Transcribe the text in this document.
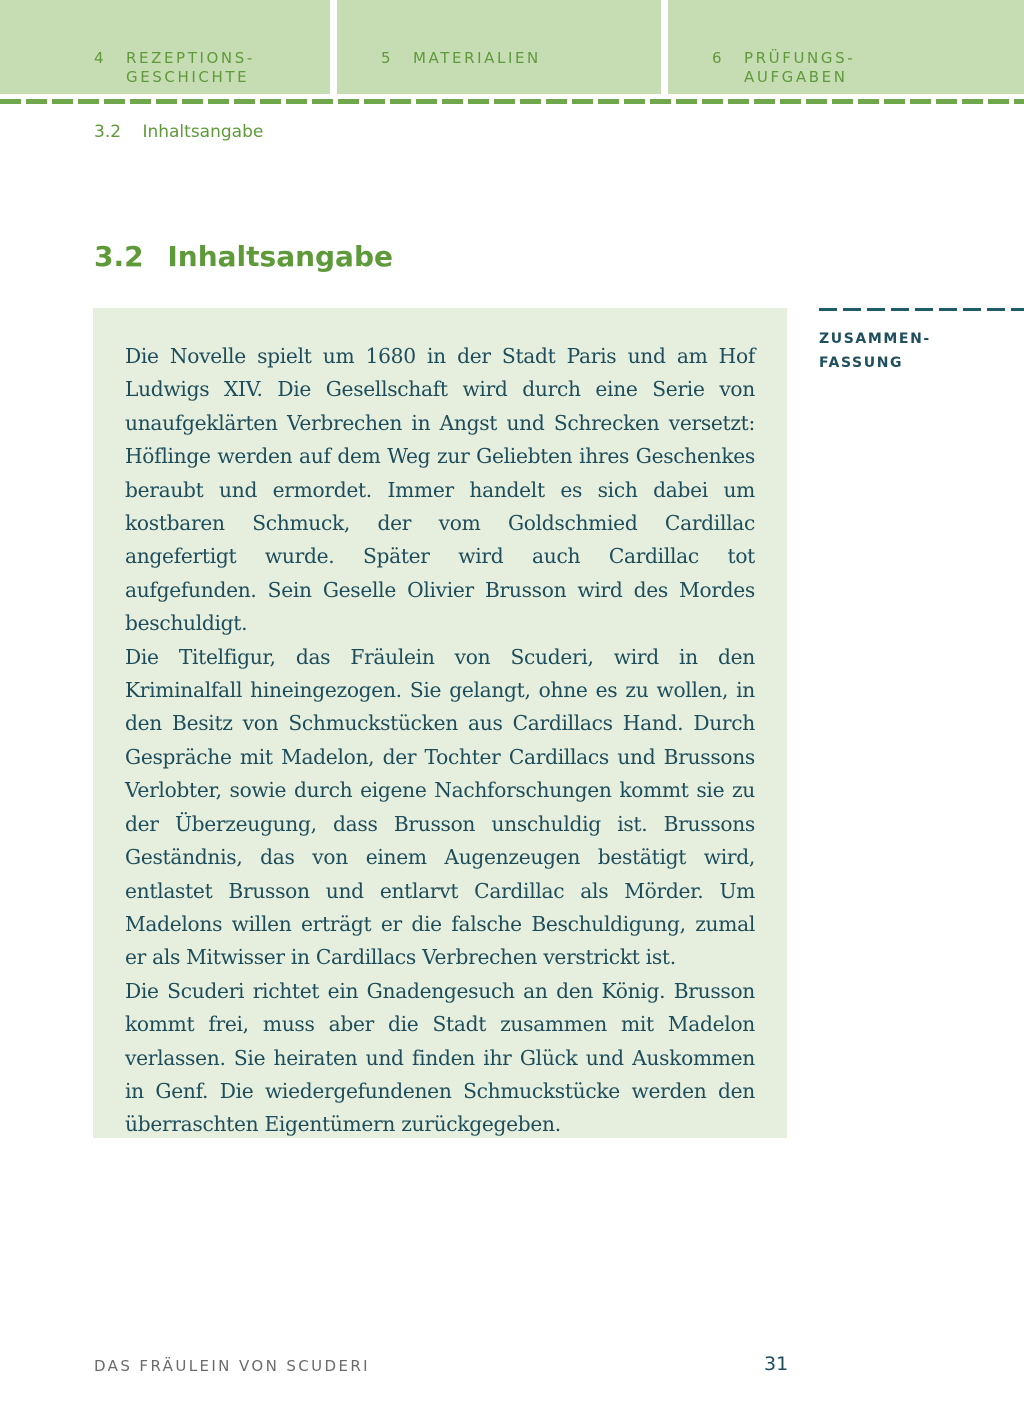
4 REZEPTIONS-
GESCHICHTE
5 MATERIALIEN	6 PRÜFUNGS-
AUFGABEN
3.2 Inhaltsangabe
3.2 Inhaltsangabe
ZUSAMMEN-
FASSUNG

Die Novelle spielt um 1680 in der Stadt Paris und am Hof Ludwigs XIV. Die Gesellschaft wird durch eine Serie von unaufgeklärten Verbrechen in Angst und Schrecken versetzt: Höflinge werden auf dem Weg zur Geliebten ihres Geschenkes beraubt und ermordet. Immer handelt es sich dabei um kostbaren Schmuck, der vom Goldschmied Cardillac angefertigt wurde. Später wird auch Cardillac tot aufgefunden. Sein Geselle Olivier Brusson wird des Mordes beschuldigt.

Die Titelfigur, das Fräulein von Scuderi, wird in den Kriminalfall hineingezogen. Sie gelangt, ohne es zu wollen, in den Besitz von Schmuckstücken aus Cardillacs Hand. Durch Gespräche mit Madelon, der Tochter Cardillacs und Brussons Verlobter, sowie durch eigene Nachforschungen kommt sie zu der Überzeugung, dass Brusson unschuldig ist. Brussons Geständnis, das von einem Augenzeugen bestätigt wird, entlastet Brusson und entlarvt Cardillac als Mörder. Um Madelons willen erträgt er die falsche Beschuldigung, zumal er als Mitwisser in Cardillacs Verbrechen verstrickt ist.

Die Scuderi richtet ein Gnadengesuch an den König. Brusson kommt frei, muss aber die Stadt zusammen mit Madelon verlassen. Sie heiraten und finden ihr Glück und Auskommen in Genf. Die wiedergefundenen Schmuckstücke werden den überraschten Eigentümern zurückgegeben.

DAS FRÄULEIN VON SCUDERI	31
